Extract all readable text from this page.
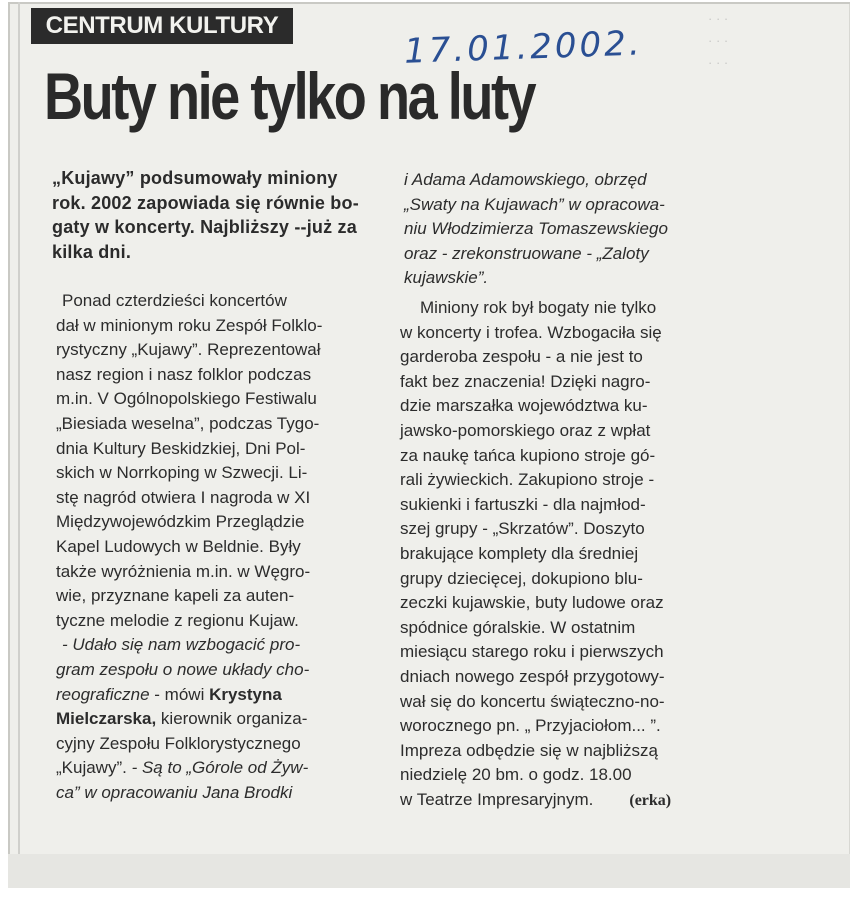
· · ·
· · ·
· · ·
CENTRUM KULTURY	17.01.2002.
Buty nie tylko na luty
„Kujawy” podsumowały miniony
rok. 2002 zapowiada się równie bo-
gaty w koncerty. Najbliższy --już za
kilka dni.
Ponad czterdzieści koncertów
dał w minionym roku Zespół Folklo-
rystyczny „Kujawy”. Reprezentował
nasz region i nasz folklor podczas
m.in. V Ogólnopolskiego Festiwalu
„Biesiada weselna”, podczas Tygo-
dnia Kultury Beskidzkiej, Dni Pol-
skich w Norrkoping w Szwecji. Li-
stę nagród otwiera I nagroda w XI
Międzywojewódzkim Przeglądzie
Kapel Ludowych w Beldnie. Były
także wyróżnienia m.in. w Węgro-
wie, przyznane kapeli za auten-
tyczne melodie z regionu Kujaw.
- Udało się nam wzbogacić pro-
gram zespołu o nowe układy cho-
reograficzne - mówi Krystyna
Mielczarska, kierownik organiza-
cyjny Zespołu Folklorystycznego
„Kujawy”. - Są to „Górole od Żyw-
ca” w opracowaniu Jana Brodki
i Adama Adamowskiego, obrzęd
„Swaty na Kujawach” w opracowa-
niu Włodzimierza Tomaszewskiego
oraz - zrekonstruowane - „Zaloty
kujawskie”.
Miniony rok był bogaty nie tylko
w koncerty i trofea. Wzbogaciła się
garderoba zespołu - a nie jest to
fakt bez znaczenia! Dzięki nagro-
dzie marszałka województwa ku-
jawsko-pomorskiego oraz z wpłat
za naukę tańca kupiono stroje gó-
rali żywieckich. Zakupiono stroje -
sukienki i fartuszki - dla najmłod-
szej grupy - „Skrzatów”. Doszyto
brakujące komplety dla średniej
grupy dziecięcej, dokupiono blu-
zeczki kujawskie, buty ludowe oraz
spódnice góralskie. W ostatnim
miesiącu starego roku i pierwszych
dniach nowego zespół przygotowy-
wał się do koncertu świąteczno-no-
worocznego pn. „ Przyjaciołom... ”.
Impreza odbędzie się w najbliższą
niedzielę 20 bm. o godz. 18.00
w Teatrze Impresaryjnym. (erka)
